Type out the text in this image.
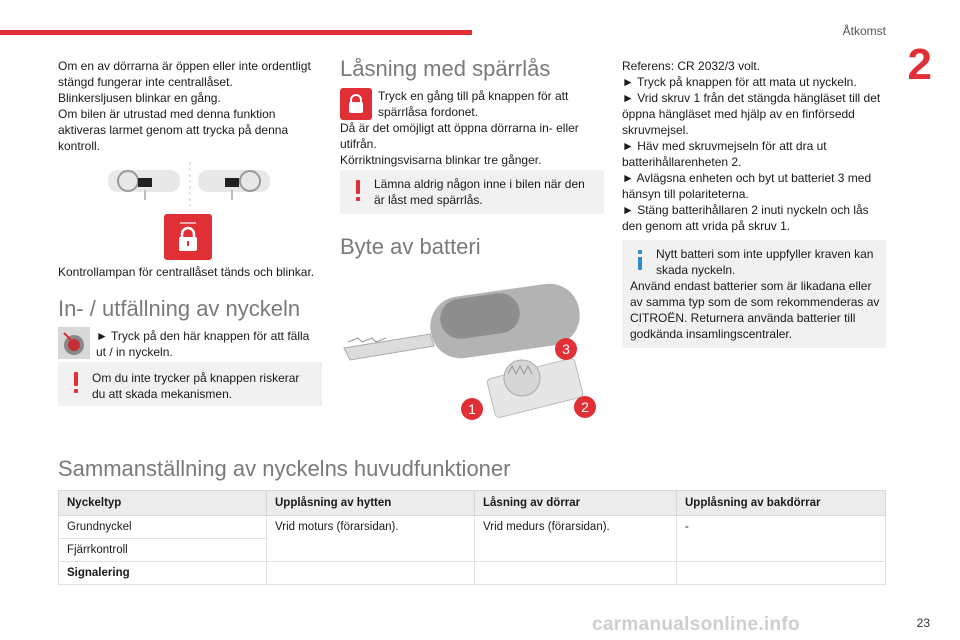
Åtkomst
2

Om en av dörrarna är öppen eller inte ordentligt stängd fungerar inte centrallåset.

Blinkersljusen blinkar en gång.

Om bilen är utrustad med denna funktion aktiveras larmet genom att trycka på denna kontroll.

Kontrollampan för centrallåset tänds och blinkar.
In- / utfällning av nyckeln
► Tryck på den här knappen för att fälla ut / in nyckeln.
Om du inte trycker på knappen riskerar du att skada mekanismen.
Låsning med spärrlås
Tryck en gång till på knappen för att spärrlåsa fordonet.

Då är det omöjligt att öppna dörrarna in- eller utifrån.

Körriktningsvisarna blinkar tre gånger.

Lämna aldrig någon inne i bilen när den är låst med spärrlås.
Byte av batteri
3
1	2

Referens: CR 2032/3 volt.

► Tryck på knappen för att mata ut nyckeln.

► Vrid skruv 1 från det stängda hängläset till det öppna hängläset med hjälp av en finförsedd skruvmejsel.

► Häv med skruvmejseln för att dra ut batterihållarenheten 2.

► Avlägsna enheten och byt ut batteriet 3 med hänsyn till polariteterna.

► Stäng batterihållaren 2 inuti nyckeln och lås den genom att vrida på skruv 1.

Nytt batteri som inte uppfyller kraven kan skada nyckeln.
Använd endast batterier som är likadana eller av samma typ som de som rekommenderas av CITROËN. Returnera använda batterier till godkända insamlingscentraler.
Sammanställning av nyckelns huvudfunktioner
Nyckeltyp	Upplåsning av hytten	Låsning av dörrar	Upplåsning av bakdörrar
Grundnyckel	Vrid moturs (förarsidan).	Vrid medurs (förarsidan).	-
Fjärrkontroll			
Signalering			
carmanualsonline.info	23
